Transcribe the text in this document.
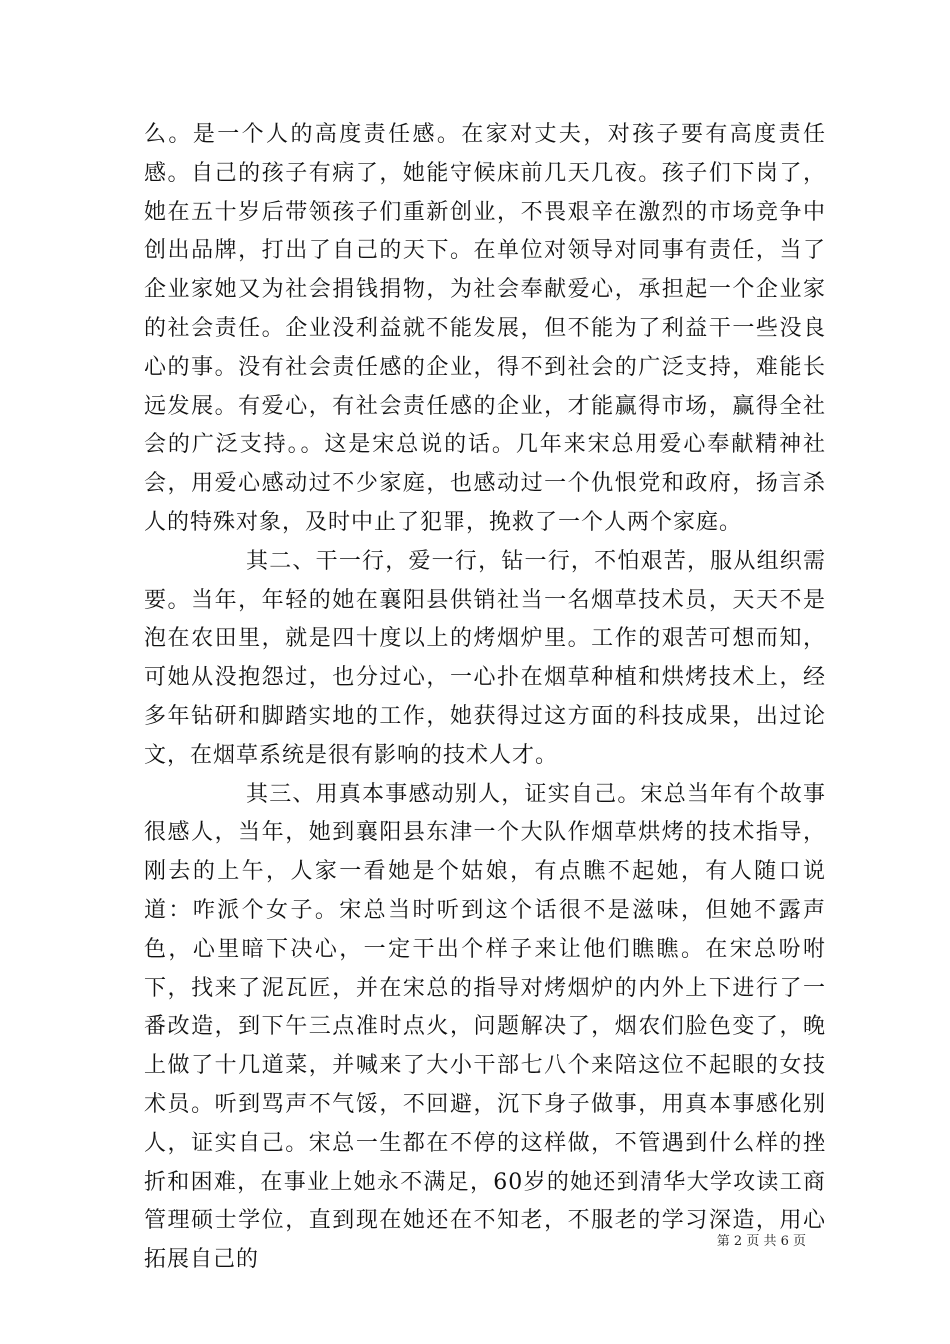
么。是一个人的高度责任感。在家对丈夫，对孩子要有高度责任感。自己的孩子有病了，她能守候床前几天几夜。孩子们下岗了，她在五十岁后带领孩子们重新创业，不畏艰辛在激烈的市场竞争中创出品牌，打出了自己的天下。在单位对领导对同事有责任，当了企业家她又为社会捐钱捐物，为社会奉献爱心，承担起一个企业家的社会责任。企业没利益就不能发展，但不能为了利益干一些没良心的事。没有社会责任感的企业，得不到社会的广泛支持，难能长远发展。有爱心，有社会责任感的企业，才能赢得市场，赢得全社会的广泛支持。。这是宋总说的话。几年来宋总用爱心奉献精神社会，用爱心感动过不少家庭，也感动过一个仇恨党和政府，扬言杀人的特殊对象，及时中止了犯罪，挽救了一个人两个家庭。

其二、干一行，爱一行，钻一行，不怕艰苦，服从组织需要。当年，年轻的她在襄阳县供销社当一名烟草技术员，天天不是泡在农田里，就是四十度以上的烤烟炉里。工作的艰苦可想而知，可她从没抱怨过，也分过心，一心扑在烟草种植和烘烤技术上，经多年钻研和脚踏实地的工作，她获得过这方面的科技成果，出过论文，在烟草系统是很有影响的技术人才。

其三、用真本事感动别人，证实自己。宋总当年有个故事很感人，当年，她到襄阳县东津一个大队作烟草烘烤的技术指导，刚去的上午，人家一看她是个姑娘，有点瞧不起她，有人随口说道：咋派个女子。宋总当时听到这个话很不是滋味，但她不露声色，心里暗下决心，一定干出个样子来让他们瞧瞧。在宋总吩咐下，找来了泥瓦匠，并在宋总的指导对烤烟炉的内外上下进行了一番改造，到下午三点准时点火，问题解决了，烟农们脸色变了，晚上做了十几道菜，并喊来了大小干部七八个来陪这位不起眼的女技术员。听到骂声不气馁，不回避，沉下身子做事，用真本事感化别人，证实自己。宋总一生都在不停的这样做，不管遇到什么样的挫折和困难，在事业上她永不满足，60岁的她还到清华大学攻读工商管理硕士学位，直到现在她还在不知老，不服老的学习深造，用心拓展自己的

第 2 页 共 6 页
